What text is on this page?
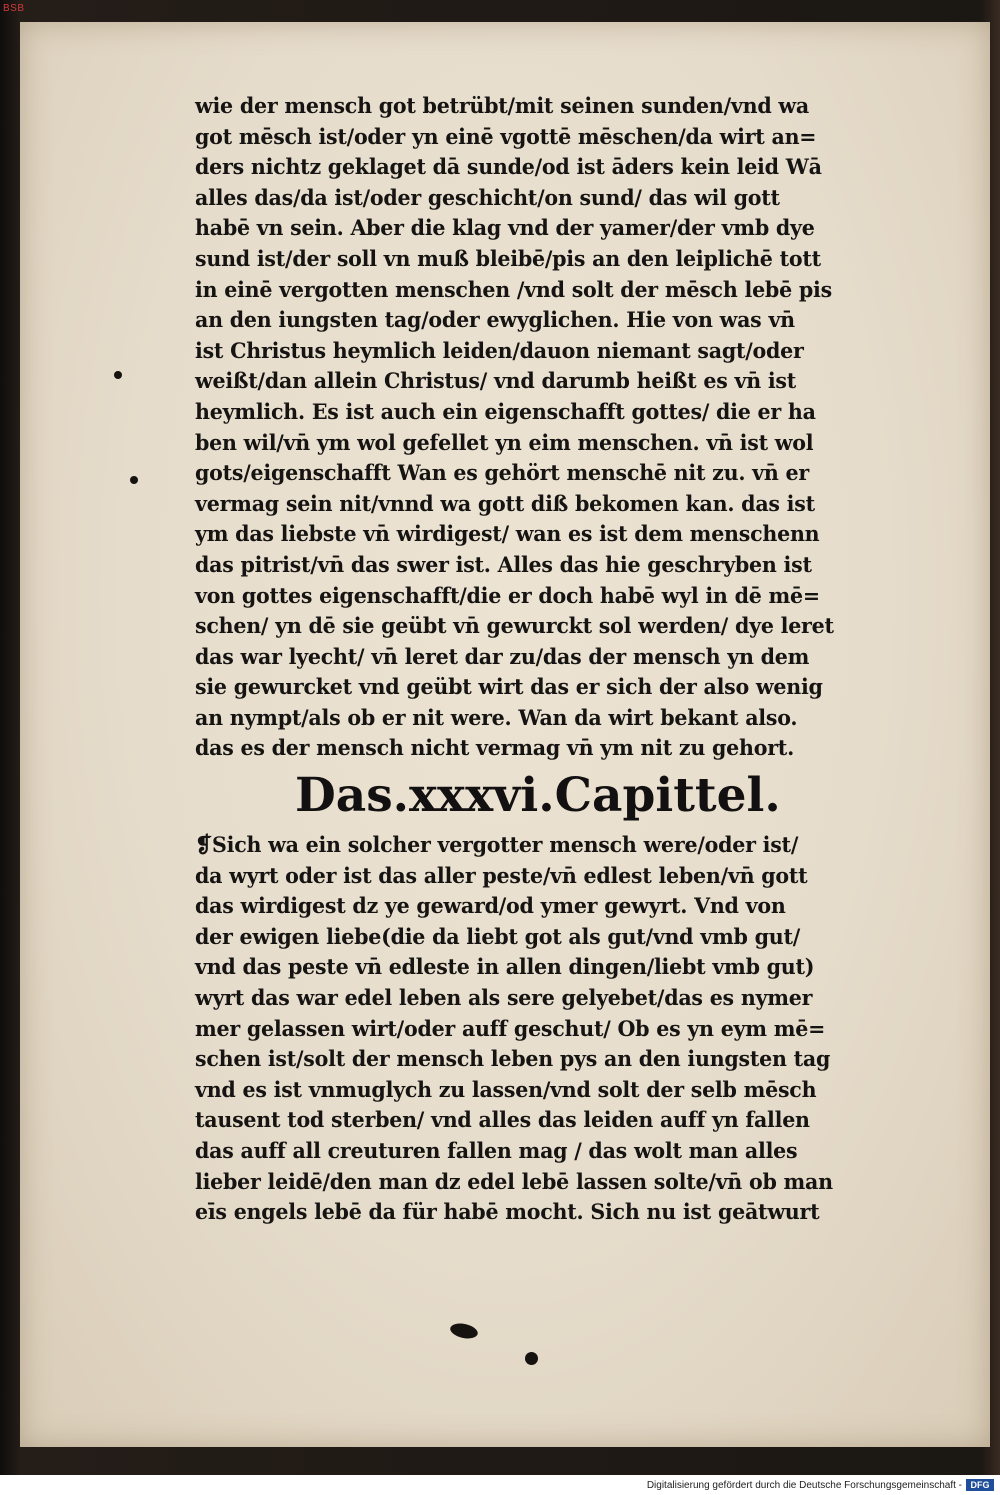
BSB
wie der mensch got betrübt/mit seinen sunden/vnd wa
got mēsch ist/oder yn einē vgottē mēschen/da wirt an=
ders nichtz geklaget dā sunde/od ist āders kein leid Wā
alles das/da ist/oder geschicht/on sund/ das wil gott
habē vn sein. Aber die klag vnd der yamer/der vmb dye
sund ist/der soll vn muß bleibē/pis an den leiplichē tott
in einē vergotten menschen /vnd solt der mēsch lebē pis
an den iungsten tag/oder ewyglichen. Hie von was vn̄
ist Christus heymlich leiden/dauon niemant sagt/oder
weißt/dan allein Christus/ vnd darumb heißt es vn̄ ist
heymlich. Es ist auch ein eigenschafft gottes/ die er ha
ben wil/vn̄ ym wol gefellet yn eim menschen. vn̄ ist wol
gots/eigenschafft Wan es gehört menschē nit zu. vn̄ er
vermag sein nit/vnnd wa gott diß bekomen kan. das ist
ym das liebste vn̄ wirdigest/ wan es ist dem menschenn
das pitrist/vn̄ das swer ist. Alles das hie geschryben ist
von gottes eigenschafft/die er doch habē wyl in dē mē=
schen/ yn dē sie geübt vn̄ gewurckt sol werden/ dye leret
das war lyecht/ vn̄ leret dar zu/das der mensch yn dem
sie gewurcket vnd geübt wirt das er sich der also wenig
an nympt/als ob er nit were. Wan da wirt bekant also.
das es der mensch nicht vermag vn̄ ym nit zu gehort.
Das.xxxvi.Capittel.
❡Sich wa ein solcher vergotter mensch were/oder ist/
da wyrt oder ist das aller peste/vn̄ edlest leben/vn̄ gott
das wirdigest dz ye geward/od ymer gewyrt. Vnd von
der ewigen liebe(die da liebt got als gut/vnd vmb gut/
vnd das peste vn̄ edleste in allen dingen/liebt vmb gut)
wyrt das war edel leben als sere gelyebet/das es nymer
mer gelassen wirt/oder auff geschut/ Ob es yn eym mē=
schen ist/solt der mensch leben pys an den iungsten tag
vnd es ist vnmuglych zu lassen/vnd solt der selb mēsch
tausent tod sterben/ vnd alles das leiden auff yn fallen
das auff all creuturen fallen mag / das wolt man alles
lieber leidē/den man dz edel lebē lassen solte/vn̄ ob man
eīs engels lebē da für habē mocht. Sich nu ist geātwurt
Digitalisierung gefördert durch die Deutsche Forschungsgemeinschaft - DFG
